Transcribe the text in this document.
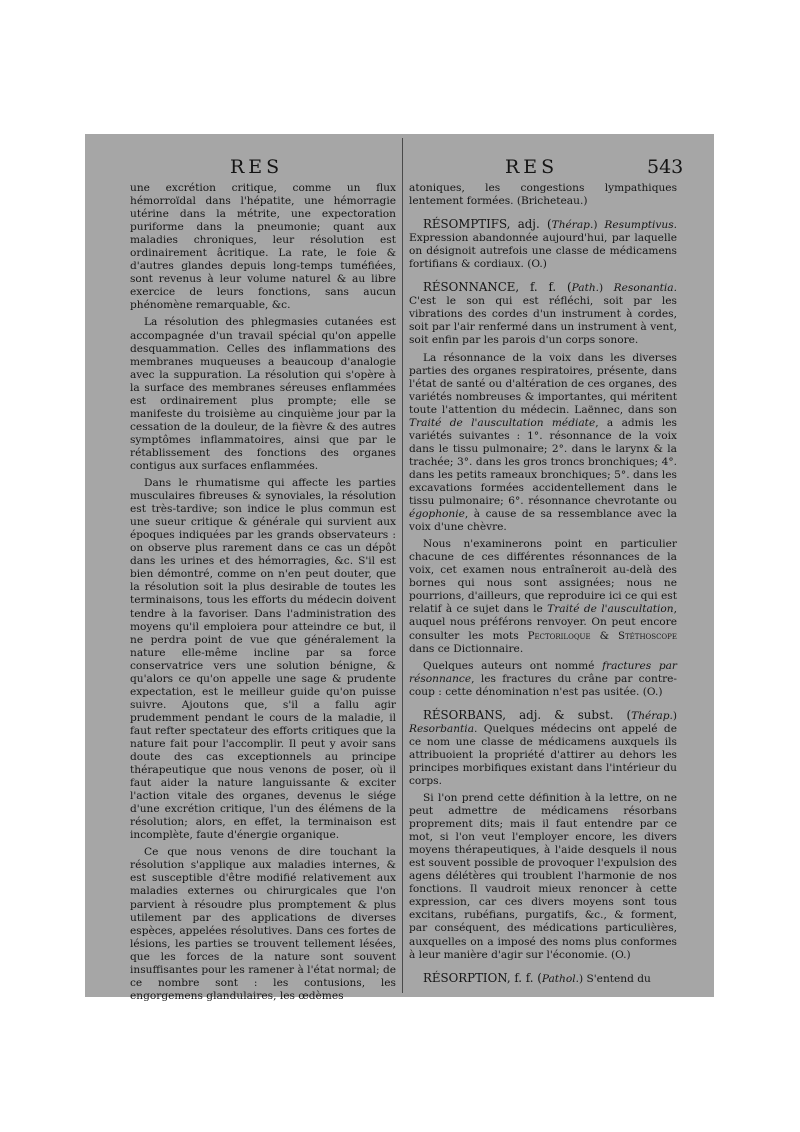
RES	RES	543

une excrétion critique, comme un flux hémorroïdal dans l'hépatite, une hémorragie utérine dans la métrite, une expectoration puriforme dans la pneumonie; quant aux maladies chroniques, leur résolution est ordinairement âcritique. La rate, le foie & d'autres glandes depuis long-temps tuméfiées, sont revenus à leur volume naturel & au libre exercice de leurs fonctions, sans aucun phénomène remarquable, &c.

La résolution des phlegmasies cutanées est accompagnée d'un travail spécial qu'on appelle desquammation. Celles des inflammations des membranes muqueuses a beaucoup d'analogie avec la suppuration. La résolution qui s'opère à la surface des membranes séreuses enflammées est ordinairement plus prompte; elle se manifeste du troisième au cinquième jour par la cessation de la douleur, de la fièvre & des autres symptômes inflammatoires, ainsi que par le rétablissement des fonctions des organes contigus aux surfaces enflammées.

Dans le rhumatisme qui affecte les parties musculaires fibreuses & synoviales, la résolution est très-tardive; son indice le plus commun est une sueur critique & générale qui survient aux époques indiquées par les grands observateurs : on observe plus rarement dans ce cas un dépôt dans les urines et des hémorragies, &c. S'il est bien démontré, comme on n'en peut douter, que la résolution soit la plus desirable de toutes les terminaisons, tous les efforts du médecin doivent tendre à la favoriser. Dans l'administration des moyens qu'il emploiera pour atteindre ce but, il ne perdra point de vue que généralement la nature elle-même incline par sa force conservatrice vers une solution bénigne, & qu'alors ce qu'on appelle une sage & prudente expectation, est le meilleur guide qu'on puisse suivre. Ajoutons que, s'il a fallu agir prudemment pendant le cours de la maladie, il faut refter spectateur des efforts critiques que la nature fait pour l'accomplir. Il peut y avoir sans doute des cas exceptionnels au principe thérapeutique que nous venons de poser, où il faut aider la nature languissante & exciter l'action vitale des organes, devenus le siége d'une excrétion critique, l'un des élémens de la résolution; alors, en effet, la terminaison est incomplète, faute d'énergie organique.

Ce que nous venons de dire touchant la résolution s'applique aux maladies internes, & est susceptible d'être modifié relativement aux maladies externes ou chirurgicales que l'on parvient à résoudre plus promptement & plus utilement par des applications de diverses espèces, appelées résolutives. Dans ces fortes de lésions, les parties se trouvent tellement lésées, que les forces de la nature sont souvent insuffisantes pour les ramener à l'état normal; de ce nombre sont : les contusions, les engorgemens glandulaires, les œdèmes

atoniques, les congestions lympathiques lentement formées. (Bricheteau.)

RÉSOMPTIFS, adj. (Thérap.) Resumptivus. Expression abandonnée aujourd'hui, par laquelle on désignoit autrefois une classe de médicamens fortifians & cordiaux. (O.)

RÉSONNANCE, f. f. (Path.) Resonantia. C'est le son qui est réfléchi, soit par les vibrations des cordes d'un instrument à cordes, soit par l'air renfermé dans un instrument à vent, soit enfin par les parois d'un corps sonore.

La résonnance de la voix dans les diverses parties des organes respiratoires, présente, dans l'état de santé ou d'altération de ces organes, des variétés nombreuses & importantes, qui méritent toute l'attention du médecin. Laënnec, dans son Traité de l'auscultation médiate, a admis les variétés suivantes : 1°. résonnance de la voix dans le tissu pulmonaire; 2°. dans le larynx & la trachée; 3°. dans les gros troncs bronchiques; 4°. dans les petits rameaux bronchiques; 5°. dans les excavations formées accidentellement dans le tissu pulmonaire; 6°. résonnance chevrotante ou égophonie, à cause de sa ressemblance avec la voix d'une chèvre.

Nous n'examinerons point en particulier chacune de ces différentes résonnances de la voix, cet examen nous entraîneroit au-delà des bornes qui nous sont assignées; nous ne pourrions, d'ailleurs, que reproduire ici ce qui est relatif à ce sujet dans le Traité de l'auscultation, auquel nous préférons renvoyer. On peut encore consulter les mots Pectoriloque & Stéthoscope dans ce Dictionnaire.

Quelques auteurs ont nommé fractures par résonnance, les fractures du crâne par contre-coup : cette dénomination n'est pas usitée. (O.)

RÉSORBANS, adj. & subst. (Thérap.) Resorbantia. Quelques médecins ont appelé de ce nom une classe de médicamens auxquels ils attribuoient la propriété d'attirer au dehors les principes morbifiques existant dans l'intérieur du corps.

Si l'on prend cette définition à la lettre, on ne peut admettre de médicamens résorbans proprement dits; mais il faut entendre par ce mot, si l'on veut l'employer encore, les divers moyens thérapeutiques, à l'aide desquels il nous est souvent possible de provoquer l'expulsion des agens délétères qui troublent l'harmonie de nos fonctions. Il vaudroit mieux renoncer à cette expression, car ces divers moyens sont tous excitans, rubéfians, purgatifs, &c., & forment, par conséquent, des médications particulières, auxquelles on a imposé des noms plus conformes à leur manière d'agir sur l'économie. (O.)

RÉSORPTION, f. f. (Pathol.) S'entend du
